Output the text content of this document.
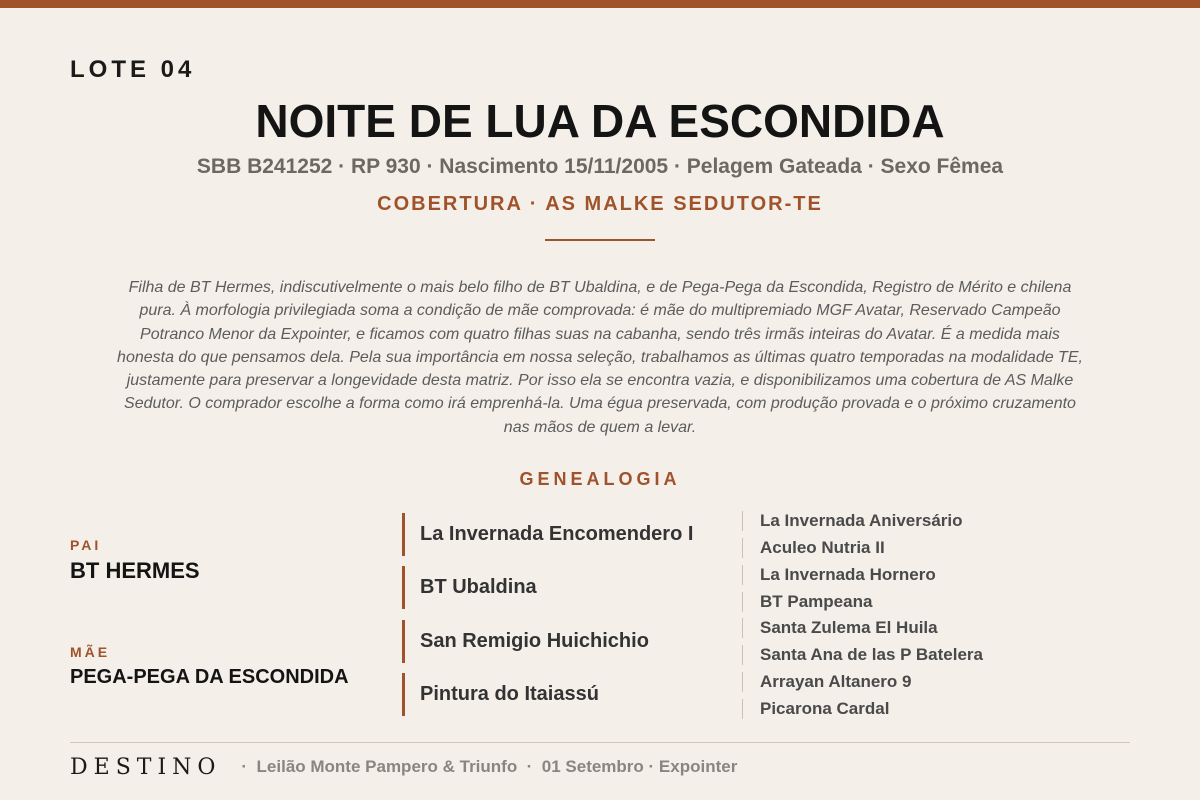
LOTE 04
NOITE DE LUA DA ESCONDIDA
SBB B241252 · RP 930 · Nascimento 15/11/2005 · Pelagem Gateada · Sexo Fêmea
COBERTURA · AS MALKE SEDUTOR-TE

Filha de BT Hermes, indiscutivelmente o mais belo filho de BT Ubaldina, e de Pega-Pega da Escondida, Registro de Mérito e chilena pura. À morfologia privilegiada soma a condição de mãe comprovada: é mãe do multipremiado MGF Avatar, Reservado Campeão Potranco Menor da Expointer, e ficamos com quatro filhas suas na cabanha, sendo três irmãs inteiras do Avatar. É a medida mais honesta do que pensamos dela. Pela sua importância em nossa seleção, trabalhamos as últimas quatro temporadas na modalidade TE, justamente para preservar a longevidade desta matriz. Por isso ela se encontra vazia, e disponibilizamos uma cobertura de AS Malke Sedutor. O comprador escolhe a forma como irá emprenhá-la. Uma égua preservada, com produção provada e o próximo cruzamento nas mãos de quem a levar.

GENEALOGIA
PAI
BT HERMES
MÃE
PEGA-PEGA DA ESCONDIDA
La Invernada Encomendero I
BT Ubaldina
San Remigio Huichichio
Pintura do Itaiassú
La Invernada Aniversário
Aculeo Nutria II
La Invernada Hornero
BT Pampeana
Santa Zulema El Huila
Santa Ana de las P Batelera
Arrayan Altanero 9
Picarona Cardal
DESTINO ·  Leilão Monte Pampero & Triunfo  ·  01 Setembro · Expointer
